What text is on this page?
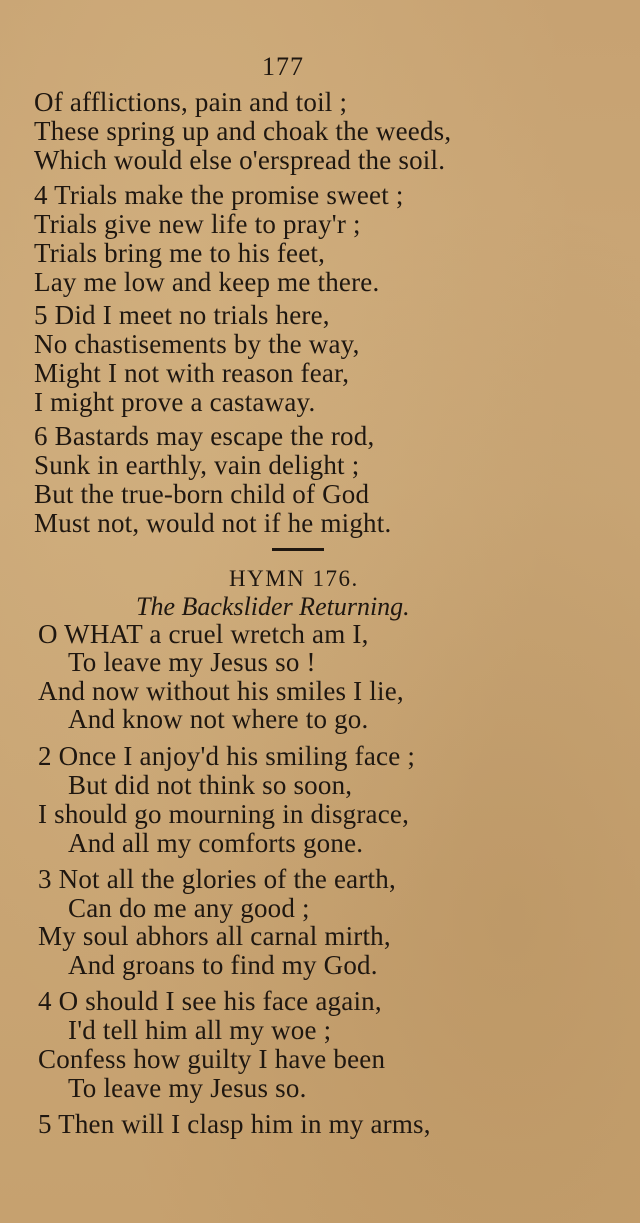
177
Of afflictions, pain and toil ;
These spring up and choak the weeds,
Which would else o'erspread the soil.
4 Trials make the promise sweet ;
Trials give new life to pray'r ;
Trials bring me to his feet,
Lay me low and keep me there.
5 Did I meet no trials here,
No chastisements by the way,
Might I not with reason fear,
I might prove a castaway.
6 Bastards may escape the rod,
Sunk in earthly, vain delight ;
But the true-born child of God
Must not, would not if he might.
HYMN 176.
The Backslider Returning.
O WHAT a cruel wretch am I,
To leave my Jesus so !
And now without his smiles I lie,
And know not where to go.
2 Once I anjoy'd his smiling face ;
But did not think so soon,
I should go mourning in disgrace,
And all my comforts gone.
3 Not all the glories of the earth,
Can do me any good ;
My soul abhors all carnal mirth,
And groans to find my God.
4 O should I see his face again,
I'd tell him all my woe ;
Confess how guilty I have been
To leave my Jesus so.
5 Then will I clasp him in my arms,
